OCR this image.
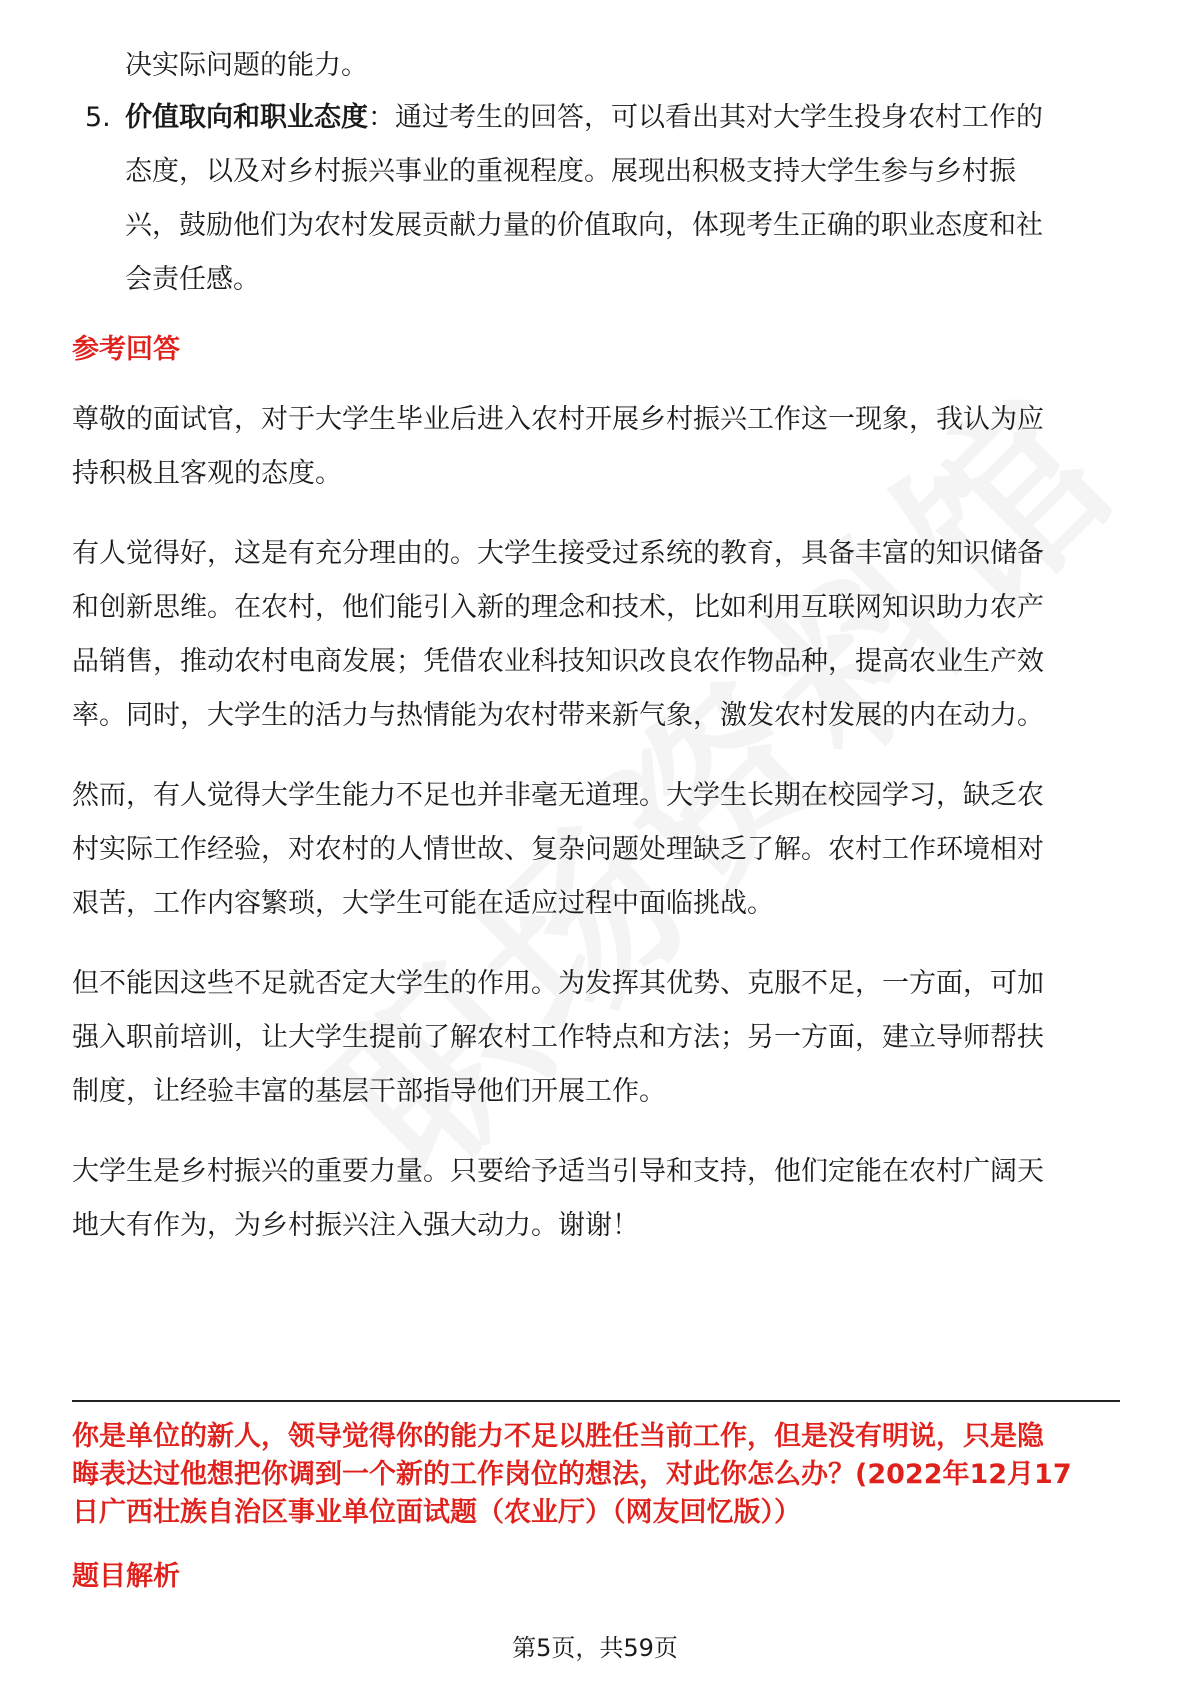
决实际问题的能力。
5. 价值取向和职业态度：通过考生的回答，可以看出其对大学生投身农村工作的
态度，以及对乡村振兴事业的重视程度。展现出积极支持大学生参与乡村振
兴，鼓励他们为农村发展贡献力量的价值取向，体现考生正确的职业态度和社
会责任感。
参考回答
尊敬的面试官，对于大学生毕业后进入农村开展乡村振兴工作这一现象，我认为应
持积极且客观的态度。
有人觉得好，这是有充分理由的。大学生接受过系统的教育，具备丰富的知识储备
和创新思维。在农村，他们能引入新的理念和技术，比如利用互联网知识助力农产
品销售，推动农村电商发展；凭借农业科技知识改良农作物品种，提高农业生产效
率。同时，大学生的活力与热情能为农村带来新气象，激发农村发展的内在动力。
然而，有人觉得大学生能力不足也并非毫无道理。大学生长期在校园学习，缺乏农
村实际工作经验，对农村的人情世故、复杂问题处理缺乏了解。农村工作环境相对
艰苦，工作内容繁琐，大学生可能在适应过程中面临挑战。
但不能因这些不足就否定大学生的作用。为发挥其优势、克服不足，一方面，可加
强入职前培训，让大学生提前了解农村工作特点和方法；另一方面，建立导师帮扶
制度，让经验丰富的基层干部指导他们开展工作。
大学生是乡村振兴的重要力量。只要给予适当引导和支持，他们定能在农村广阔天
地大有作为，为乡村振兴注入强大动力。谢谢！
你是单位的新人，领导觉得你的能力不足以胜任当前工作，但是没有明说，只是隐
晦表达过他想把你调到一个新的工作岗位的想法，对此你怎么办？(2022年12月17
日广西壮族自治区事业单位面试题（农业厅）（网友回忆版））
题目解析
第5页，共59页
